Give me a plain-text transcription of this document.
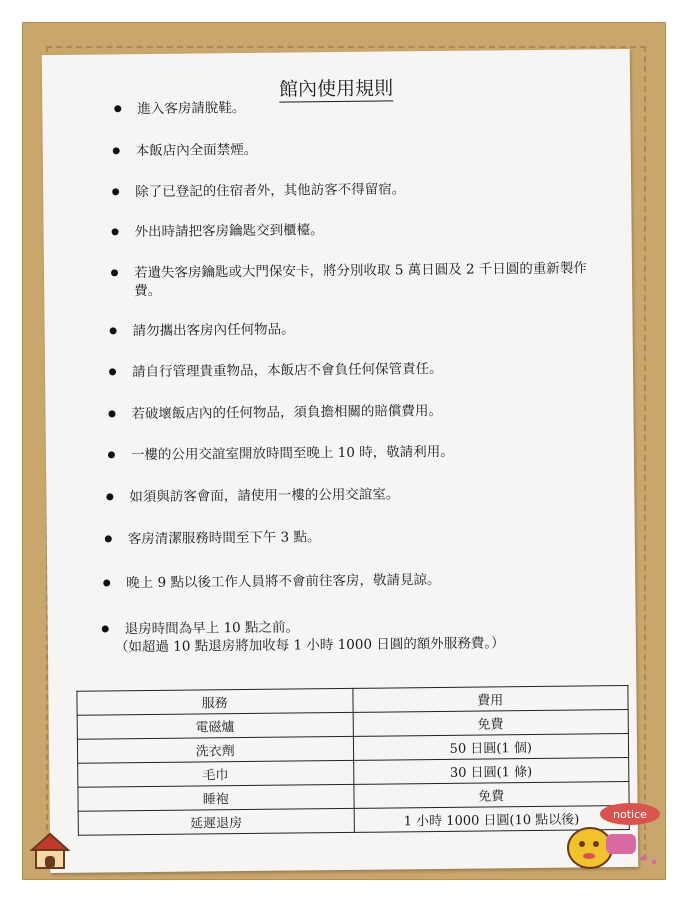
館內使用規則
進入客房請脫鞋。
本飯店內全面禁煙。
除了已登記的住宿者外，其他訪客不得留宿。
外出時請把客房鑰匙交到櫃檯。
若遺失客房鑰匙或大門保安卡，將分別收取 5 萬日圓及 2 千日圓的重新製作費。
請勿攜出客房內任何物品。
請自行管理貴重物品，本飯店不會負任何保管責任。
若破壞飯店內的任何物品，須負擔相關的賠償費用。
一樓的公用交誼室開放時間至晚上 10 時，敬請利用。
如須與訪客會面，請使用一樓的公用交誼室。
客房清潔服務時間至下午 3 點。
晚上 9 點以後工作人員將不會前往客房，敬請見諒。
退房時間為早上 10 點之前。
（如超過 10 點退房將加收每 1 小時 1000 日圓的額外服務費。）
服務	費用
電磁爐	免費
洗衣劑	50 日圓(1 個)
毛巾	30 日圓(1 條)
睡袍	免費
延遲退房	1 小時 1000 日圓(10 點以後)	notice
